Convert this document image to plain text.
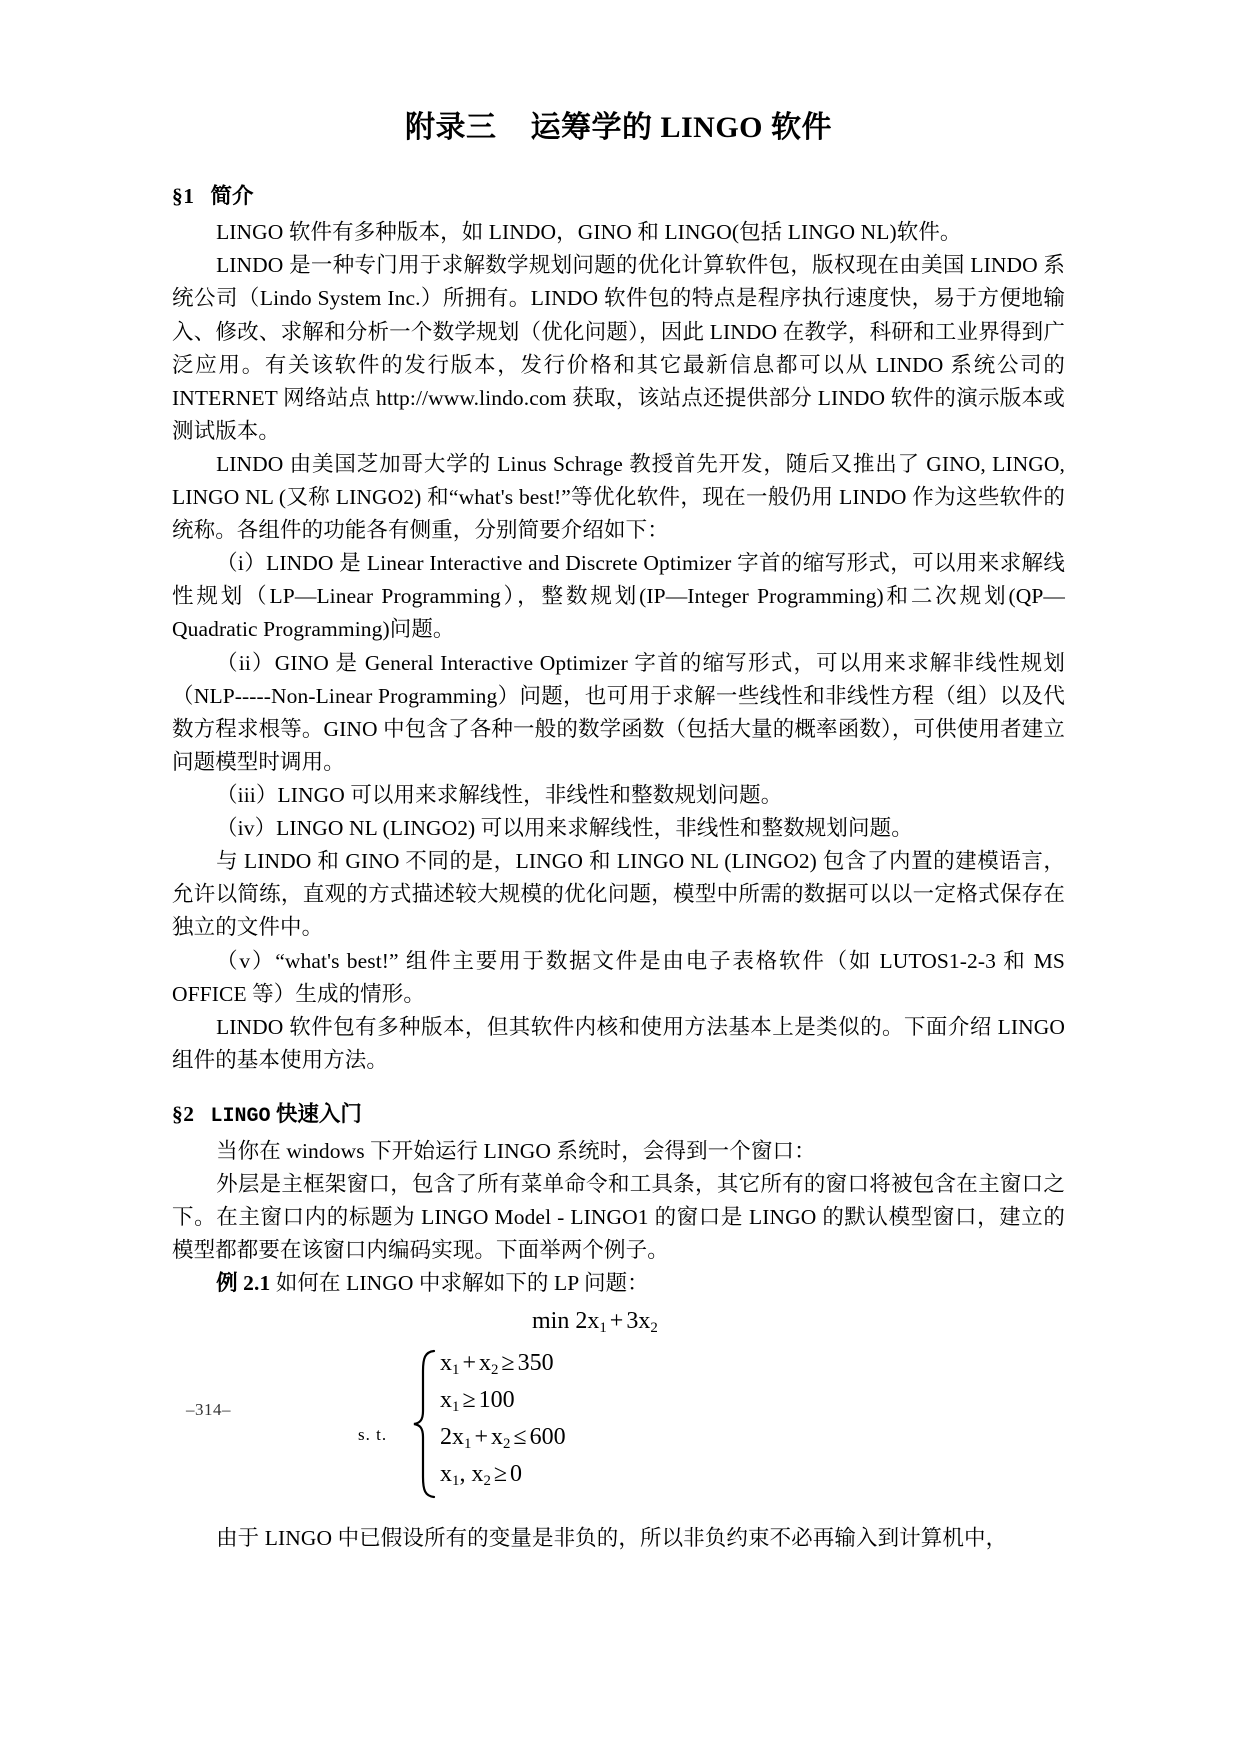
附录三 运筹学的 LINGO 软件
§1 简介

LINGO 软件有多种版本，如 LINDO，GINO 和 LINGO(包括 LINGO NL)软件。

LINDO 是一种专门用于求解数学规划问题的优化计算软件包，版权现在由美国 LINDO 系统公司（Lindo System Inc.）所拥有。LINDO 软件包的特点是程序执行速度快，易于方便地输入、修改、求解和分析一个数学规划（优化问题），因此 LINDO 在教学，科研和工业界得到广泛应用。有关该软件的发行版本，发行价格和其它最新信息都可以从 LINDO 系统公司的 INTERNET 网络站点 http://www.lindo.com 获取，该站点还提供部分 LINDO 软件的演示版本或测试版本。

LINDO 由美国芝加哥大学的 Linus Schrage 教授首先开发，随后又推出了 GINO, LINGO, LINGO NL (又称 LINGO2) 和“what's best!”等优化软件，现在一般仍用 LINDO 作为这些软件的统称。各组件的功能各有侧重，分别简要介绍如下：

（i）LINDO 是 Linear Interactive and Discrete Optimizer 字首的缩写形式，可以用来求解线性规划（LP—Linear Programming），整数规划(IP—Integer Programming)和二次规划(QP—Quadratic Programming)问题。

（ii）GINO 是 General Interactive Optimizer 字首的缩写形式，可以用来求解非线性规划（NLP-----Non-Linear Programming）问题，也可用于求解一些线性和非线性方程（组）以及代数方程求根等。GINO 中包含了各种一般的数学函数（包括大量的概率函数），可供使用者建立问题模型时调用。

（iii）LINGO 可以用来求解线性，非线性和整数规划问题。

（iv）LINGO NL (LINGO2) 可以用来求解线性，非线性和整数规划问题。

与 LINDO 和 GINO 不同的是，LINGO 和 LINGO NL (LINGO2) 包含了内置的建模语言，允许以简练，直观的方式描述较大规模的优化问题，模型中所需的数据可以以一定格式保存在独立的文件中。

（v）“what's best!” 组件主要用于数据文件是由电子表格软件（如 LUTOS1-2-3 和 MS OFFICE 等）生成的情形。

LINDO 软件包有多种版本，但其软件内核和使用方法基本上是类似的。下面介绍 LINGO 组件的基本使用方法。

§2 LINGO 快速入门

当你在 windows 下开始运行 LINGO 系统时，会得到一个窗口：

外层是主框架窗口，包含了所有菜单命令和工具条，其它所有的窗口将被包含在主窗口之下。在主窗口内的标题为 LINGO Model - LINGO1 的窗口是 LINGO 的默认模型窗口，建立的模型都都要在该窗口内编码实现。下面举两个例子。

例 2.1 如何在 LINGO 中求解如下的 LP 问题：

$\min 2x_1 + 3x_2$
s. t.
$x_1 + x_2 \ge 350$
$x_1 \ge 100$
$2x_1 + x_2 \le 600$
$x_1$, $x_2 \ge 0$

由于 LINGO 中已假设所有的变量是非负的，所以非负约束不必再输入到计算机中，

–314–
